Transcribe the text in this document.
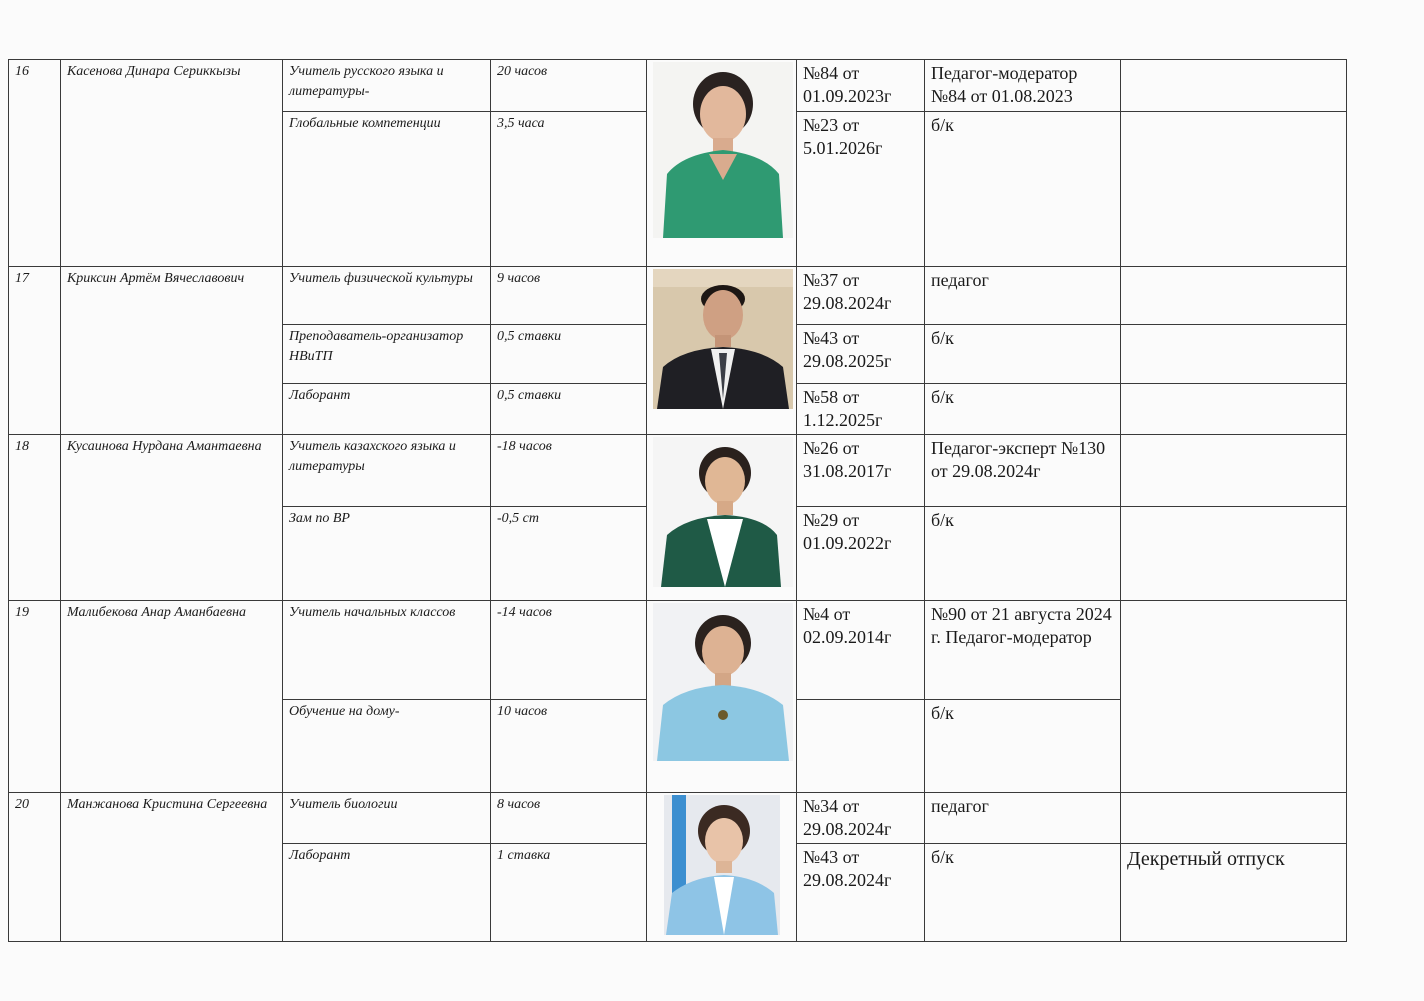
16	Касенова Динара Сериккызы	Учитель русского языка и литературы-	20 часов		№84 от 01.09.2023г	Педагог-модератор №84 от 01.08.2023	
		Глобальные компетенции	3,5 часа		№23 от 5.01.2026г	б/к	
17	Криксин Артём Вячеславович	Учитель физической культуры	9 часов		№37 от 29.08.2024г	педагог	
		Преподаватель-организатор НВиТП	0,5 ставки		№43 от 29.08.2025г	б/к	
		Лаборант	0,5 ставки		№58 от 1.12.2025г	б/к	
18	Кусаинова Нурдана Амантаевна	Учитель казахского языка и литературы	-18 часов		№26 от 31.08.2017г	Педагог-эксперт №130 от 29.08.2024г	
		Зам по ВР	-0,5 ст		№29 от 01.09.2022г	б/к	
19	Малибекова Анар Аманбаевна	Учитель начальных классов	-14 часов		№4 от 02.09.2014г	№90 от 21 августа 2024 г. Педагог-модератор	
		Обучение на дому-	10 часов			б/к	
20	Манжанова Кристина Сергеевна	Учитель биологии	8 часов		№34 от 29.08.2024г	педагог	
		Лаборант	1 ставка		№43 от 29.08.2024г	б/к	Декретный отпуск
